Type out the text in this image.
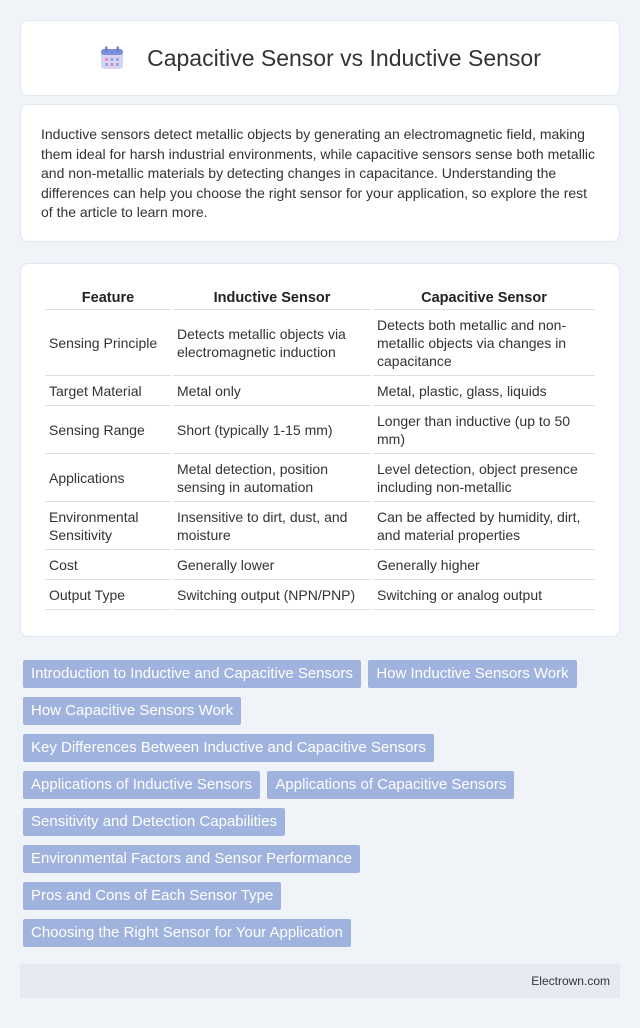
Capacitive Sensor vs Inductive Sensor

Inductive sensors detect metallic objects by generating an electromagnetic field, making them ideal for harsh industrial environments, while capacitive sensors sense both metallic and non-metallic materials by detecting changes in capacitance. Understanding the differences can help you choose the right sensor for your application, so explore the rest of the article to learn more.

Feature	Inductive Sensor	Capacitive Sensor
Sensing Principle	Detects metallic objects via electromagnetic induction	Detects both metallic and non-metallic objects via changes in capacitance
Target Material	Metal only	Metal, plastic, glass, liquids
Sensing Range	Short (typically 1-15 mm)	Longer than inductive (up to 50 mm)
Applications	Metal detection, position sensing in automation	Level detection, object presence including non-metallic
Environmental Sensitivity	Insensitive to dirt, dust, and moisture	Can be affected by humidity, dirt, and material properties
Cost	Generally lower	Generally higher
Output Type	Switching output (NPN/PNP)	Switching or analog output
Introduction to Inductive and Capacitive Sensors How Inductive Sensors Work How Capacitive Sensors Work
Key Differences Between Inductive and Capacitive Sensors
Applications of Inductive Sensors Applications of Capacitive Sensors
Sensitivity and Detection Capabilities
Environmental Factors and Sensor Performance
Pros and Cons of Each Sensor Type
Choosing the Right Sensor for Your Application
Electrown.com
